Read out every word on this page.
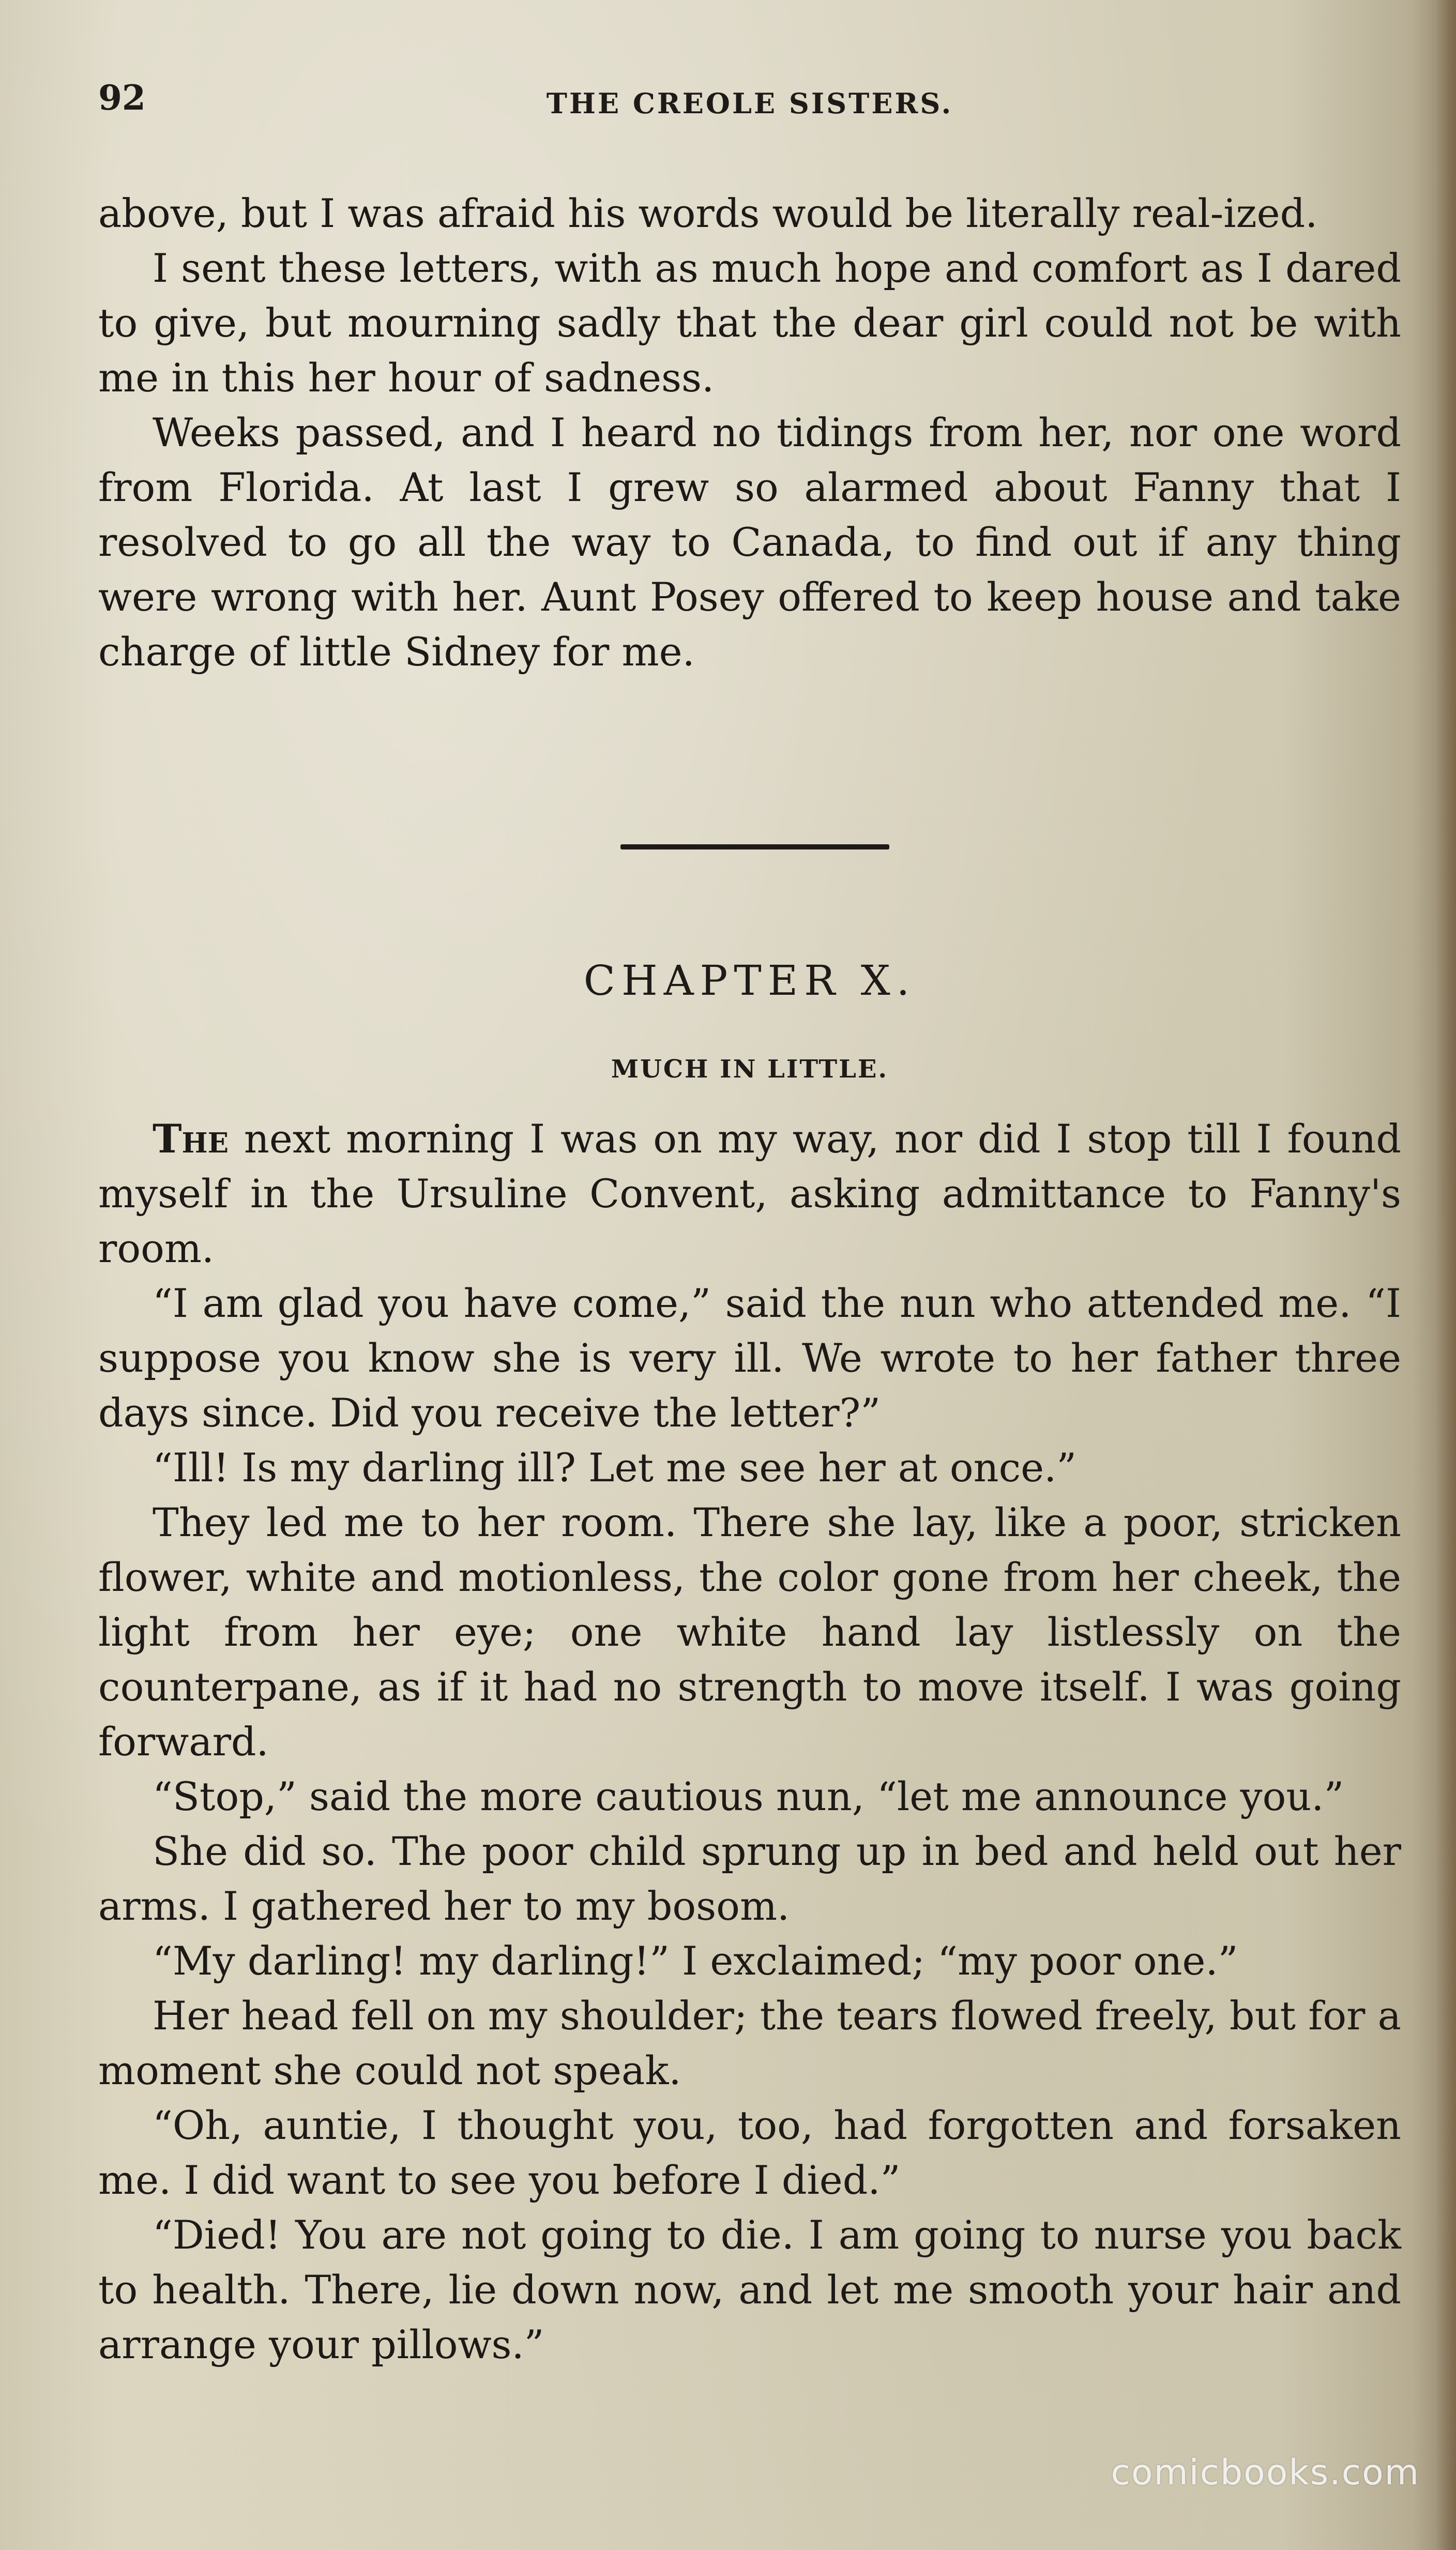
92	THE CREOLE SISTERS.

above, but I was afraid his words would be literally real-ized.

I sent these letters, with as much hope and comfort as I dared to give, but mourning sadly that the dear girl could not be with me in this her hour of sadness.

Weeks passed, and I heard no tidings from her, nor one word from Florida. At last I grew so alarmed about Fanny that I resolved to go all the way to Canada, to find out if any thing were wrong with her. Aunt Posey offered to keep house and take charge of little Sidney for me.

CHAPTER X.
MUCH IN LITTLE.

The next morning I was on my way, nor did I stop till I found myself in the Ursuline Convent, asking admittance to Fanny's room.

“I am glad you have come,” said the nun who attended me. “I suppose you know she is very ill. We wrote to her father three days since. Did you receive the letter?”

“Ill! Is my darling ill? Let me see her at once.”

They led me to her room. There she lay, like a poor, stricken flower, white and motionless, the color gone from her cheek, the light from her eye; one white hand lay listlessly on the counterpane, as if it had no strength to move itself. I was going forward.

“Stop,” said the more cautious nun, “let me announce you.”

She did so. The poor child sprung up in bed and held out her arms. I gathered her to my bosom.

“My darling! my darling!” I exclaimed; “my poor one.”

Her head fell on my shoulder; the tears flowed freely, but for a moment she could not speak.

“Oh, auntie, I thought you, too, had forgotten and forsaken me. I did want to see you before I died.”

“Died! You are not going to die. I am going to nurse you back to health. There, lie down now, and let me smooth your hair and arrange your pillows.”

comicbooks.com
